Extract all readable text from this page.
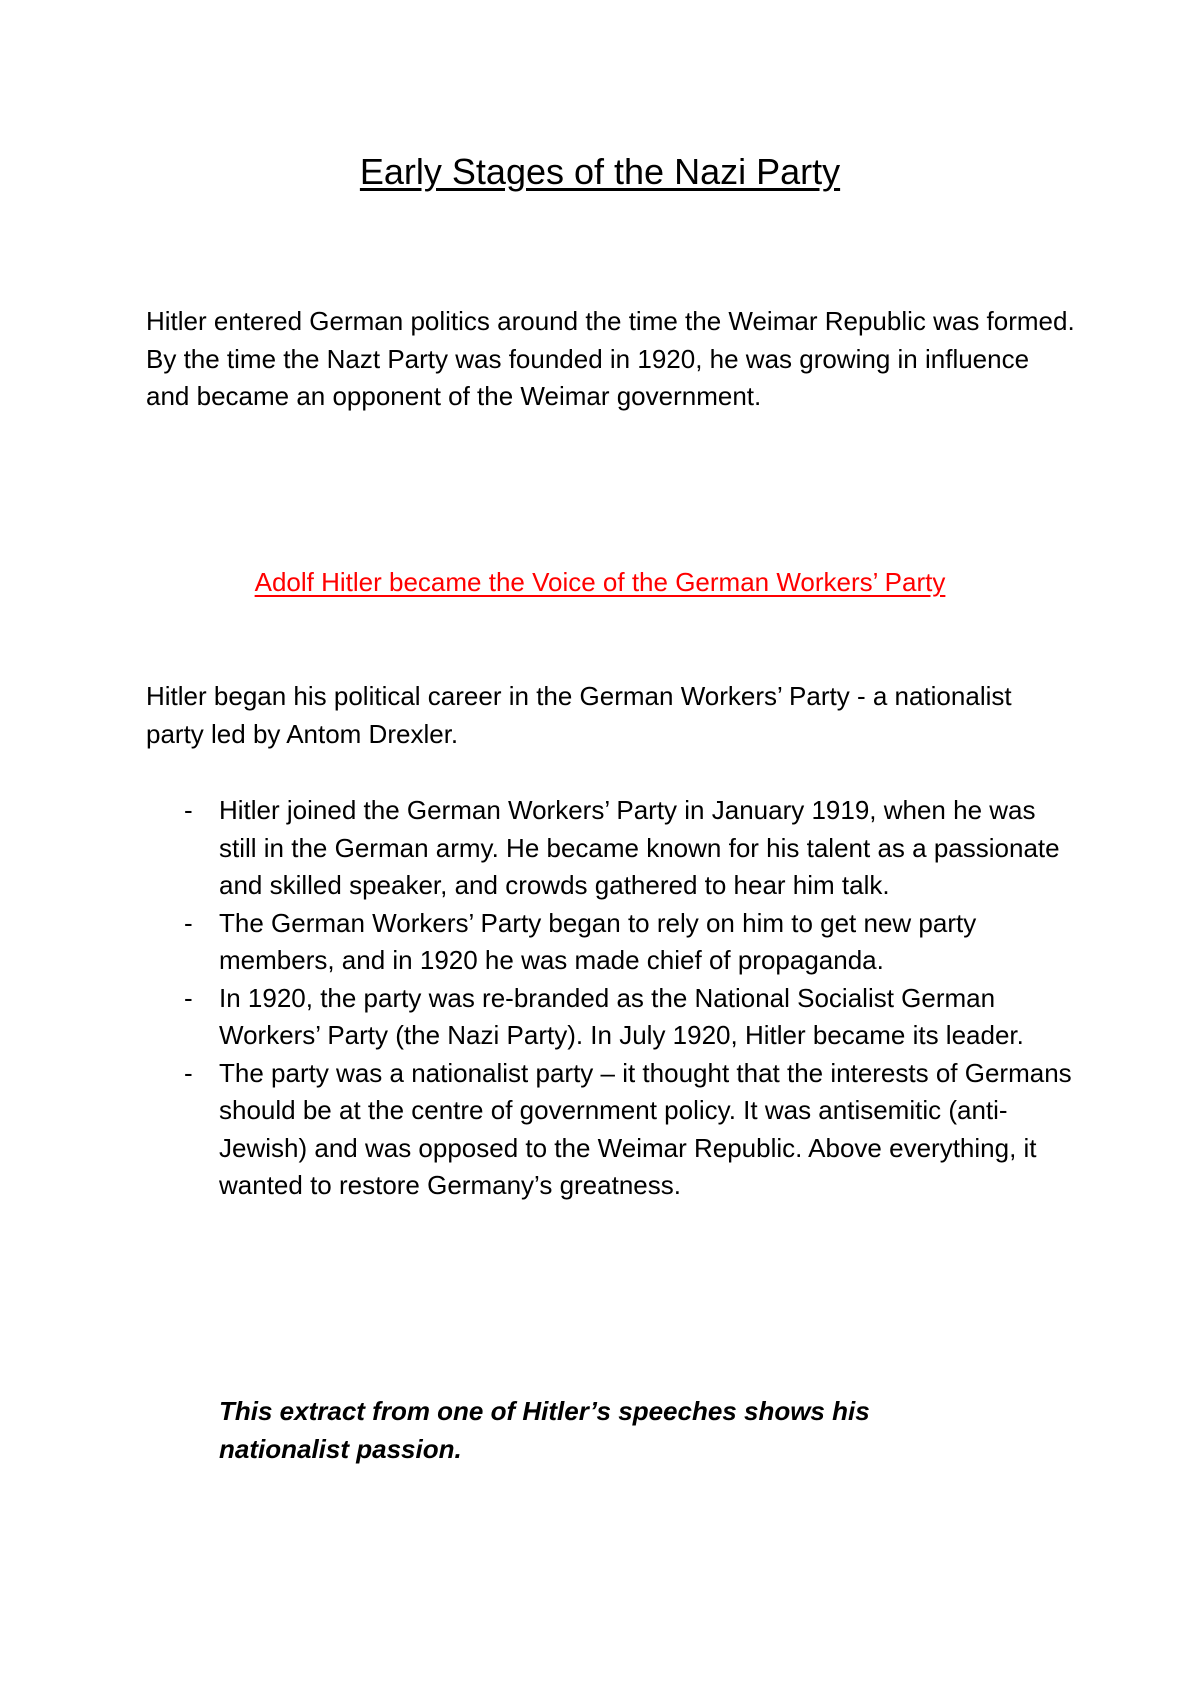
Early Stages of the Nazi Party

Hitler entered German politics around the time the Weimar Republic was formed. By the time the Nazt Party was founded in 1920, he was growing in influence and became an opponent of the Weimar government.

Adolf Hitler became the Voice of the German Workers’ Party

Hitler began his political career in the German Workers’ Party - a nationalist party led by Antom Drexler.

- Hitler joined the German Workers’ Party in January 1919, when he was still in the German army. He became known for his talent as a passionate and skilled speaker, and crowds gathered to hear him talk.
- The German Workers’ Party began to rely on him to get new party members, and in 1920 he was made chief of propaganda.
- In 1920, the party was re-branded as the National Socialist German Workers’ Party (the Nazi Party). In July 1920, Hitler became its leader.
- The party was a nationalist party – it thought that the interests of Germans should be at the centre of government policy. It was antisemitic (anti-Jewish) and was opposed to the Weimar Republic. Above everything, it wanted to restore Germany’s greatness.

This extract from one of Hitler’s speeches shows his nationalist passion.
